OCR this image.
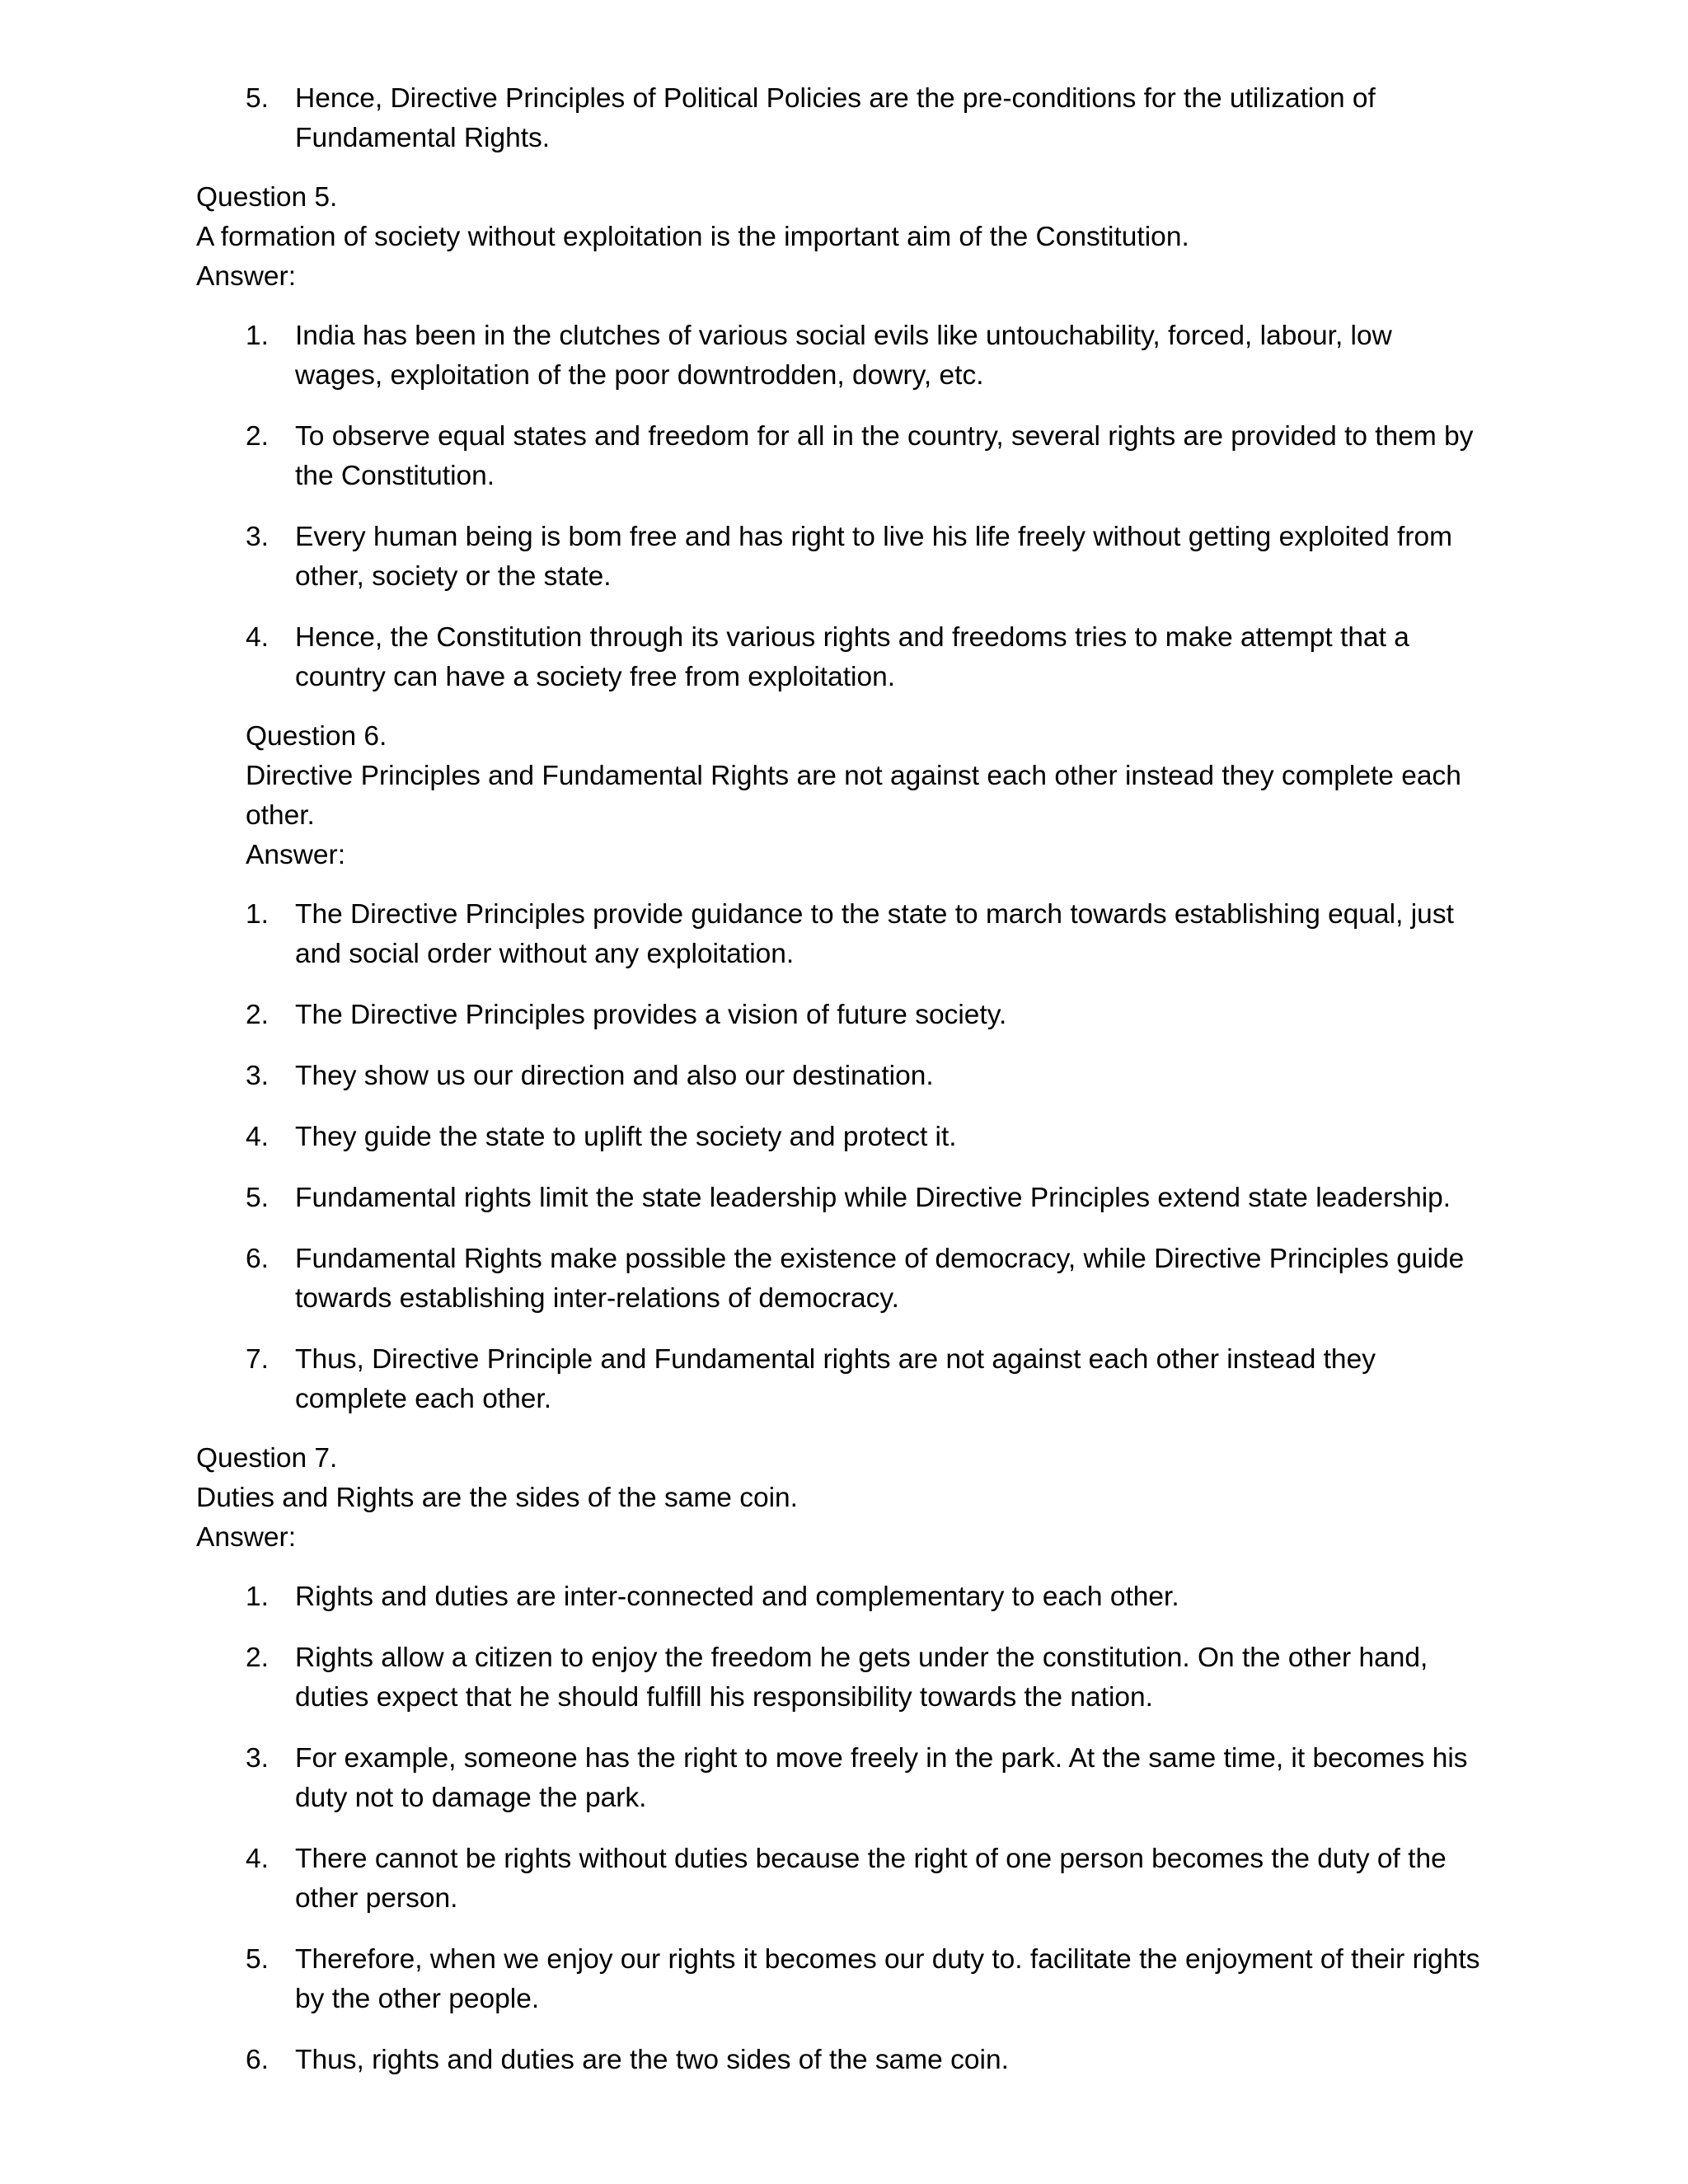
5. Hence, Directive Principles of Political Policies are the pre-conditions for the utilization of Fundamental Rights.
Question 5.
A formation of society without exploitation is the important aim of the Constitution.
Answer:
1. India has been in the clutches of various social evils like untouchability, forced, labour, low wages, exploitation of the poor downtrodden, dowry, etc.
2. To observe equal states and freedom for all in the country, several rights are provided to them by the Constitution.
3. Every human being is bom free and has right to live his life freely without getting exploited from other, society or the state.
4. Hence, the Constitution through its various rights and freedoms tries to make attempt that a country can have a society free from exploitation.
Question 6.
Directive Principles and Fundamental Rights are not against each other instead they complete each other.
Answer:
1. The Directive Principles provide guidance to the state to march towards establishing equal, just and social order without any exploitation.
2. The Directive Principles provides a vision of future society.
3. They show us our direction and also our destination.
4. They guide the state to uplift the society and protect it.
5. Fundamental rights limit the state leadership while Directive Principles extend state leadership.
6. Fundamental Rights make possible the existence of democracy, while Directive Principles guide towards establishing inter-relations of democracy.
7. Thus, Directive Principle and Fundamental rights are not against each other instead they complete each other.
Question 7.
Duties and Rights are the sides of the same coin.
Answer:
1. Rights and duties are inter-connected and complementary to each other.
2. Rights allow a citizen to enjoy the freedom he gets under the constitution. On the other hand, duties expect that he should fulfill his responsibility towards the nation.
3. For example, someone has the right to move freely in the park. At the same time, it becomes his duty not to damage the park.
4. There cannot be rights without duties because the right of one person becomes the duty of the other person.
5. Therefore, when we enjoy our rights it becomes our duty to. facilitate the enjoyment of their rights by the other people.
6. Thus, rights and duties are the two sides of the same coin.
